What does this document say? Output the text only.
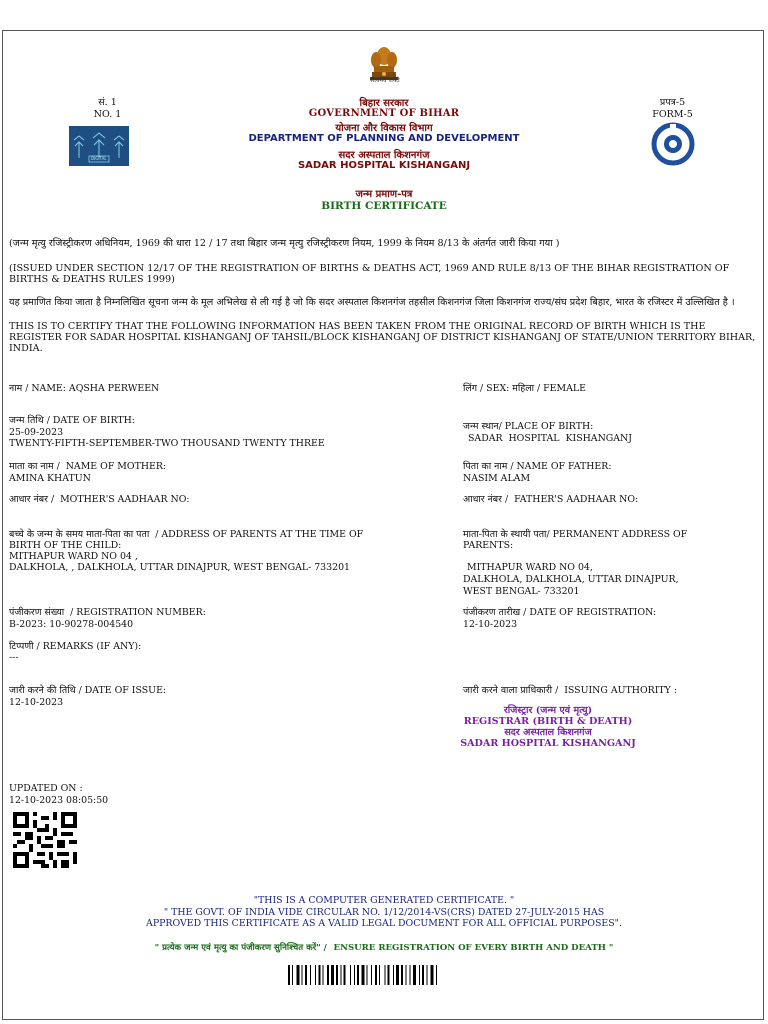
सत्यमेव जयते
सं. 1
NO. 1
DIGITAL
प्रपत्र-5
FORM-5
बिहार सरकार
GOVERNMENT OF BIHAR
योजना और विकास विभाग
DEPARTMENT OF PLANNING AND DEVELOPMENT
सदर अस्पताल किशनगंज
SADAR HOSPITAL KISHANGANJ
जन्म प्रमाण-पत्र
BIRTH CERTIFICATE
(जन्म मृत्यु रजिस्ट्रीकरण अधिनियम, 1969 की धारा 12 / 17 तथा बिहार जन्म मृत्यु रजिस्ट्रीकरण नियम, 1999 के नियम 8/13 के अंतर्गत जारी किया गया )
(ISSUED UNDER SECTION 12/17 OF THE REGISTRATION OF BIRTHS & DEATHS ACT, 1969 AND RULE 8/13 OF THE BIHAR REGISTRATION OF BIRTHS & DEATHS RULES 1999)
यह प्रमाणित किया जाता है निम्नलिखित सूचना जन्म के मूल अभिलेख से ली गई है जो कि सदर अस्पताल किशनगंज तहसील किशनगंज जिला किशनगंज राज्य/संघ प्रदेश बिहार, भारत के रजिस्टर में उल्लिखित है ।
THIS IS TO CERTIFY THAT THE FOLLOWING INFORMATION HAS BEEN TAKEN FROM THE ORIGINAL RECORD OF BIRTH WHICH IS THE REGISTER FOR SADAR HOSPITAL KISHANGANJ OF TAHSIL/BLOCK KISHANGANJ OF DISTRICT KISHANGANJ OF STATE/UNION TERRITORY BIHAR, INDIA.
नाम / NAME: AQSHA PERWEEN	लिंग / SEX: महिला / FEMALE
जन्म तिथि / DATE OF BIRTH:
25-09-2023
TWENTY-FIFTH-SEPTEMBER-TWO THOUSAND TWENTY THREE
जन्म स्थान/ PLACE OF BIRTH:
SADAR  HOSPITAL  KISHANGANJ
माता का नाम /  NAME OF MOTHER:
AMINA KHATUN
पिता का नाम / NAME OF FATHER:
NASIM ALAM
आधार नंबर /  MOTHER'S AADHAAR NO:	आधार नंबर /  FATHER'S AADHAAR NO:
बच्चे के जन्म के समय माता-पिता का पता  / ADDRESS OF PARENTS AT THE TIME OF
BIRTH OF THE CHILD:
MITHAPUR WARD NO 04 ,
DALKHOLA, , DALKHOLA, UTTAR DINAJPUR, WEST BENGAL- 733201
माता-पिता के स्थायी पता/ PERMANENT ADDRESS OF
PARENTS:
MITHAPUR WARD NO 04,
DALKHOLA, DALKHOLA, UTTAR DINAJPUR,
WEST BENGAL- 733201
पंजीकरण संख्या  / REGISTRATION NUMBER:
B-2023: 10-90278-004540
पंजीकरण तारीख / DATE OF REGISTRATION:
12-10-2023
टिप्पणी / REMARKS (IF ANY):
---
जारी करने की तिथि / DATE OF ISSUE:
12-10-2023
जारी करने वाला प्राधिकारी /  ISSUING AUTHORITY :
रजिस्ट्रार (जन्म एवं मृत्यु)
REGISTRAR (BIRTH & DEATH)
सदर अस्पताल किशनगंज
SADAR HOSPITAL KISHANGANJ
UPDATED ON :
12-10-2023 08:05:50
"THIS IS A COMPUTER GENERATED CERTIFICATE. "
" THE GOVT. OF INDIA VIDE CIRCULAR NO. 1/12/2014-VS(CRS) DATED 27-JULY-2015 HAS
APPROVED THIS CERTIFICATE AS A VALID LEGAL DOCUMENT FOR ALL OFFICIAL PURPOSES".
" प्रत्येक जन्म एवं मृत्यु का पंजीकरण सुनिश्चित करें" / ENSURE REGISTRATION OF EVERY BIRTH AND DEATH "
